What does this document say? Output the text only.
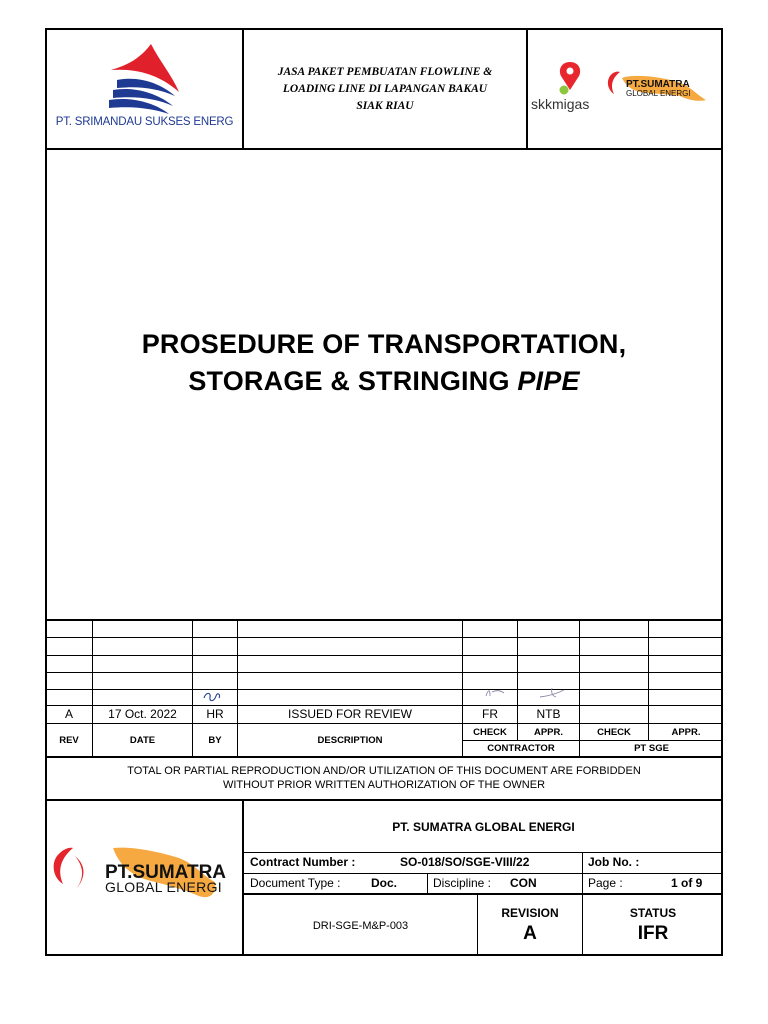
PT. SRIMANDAU SUKSES ENERG
JASA PAKET PEMBUATAN FLOWLINE &
LOADING LINE DI LAPANGAN BAKAU
SIAK RIAU	skkmigas
PT.SUMATRA
GLOBAL ENERGI
PROSEDURE OF TRANSPORTATION,
STORAGE & STRINGING PIPE
A	17 Oct. 2022	HR	ISSUED FOR REVIEW	FR	NTB
REV	DATE	BY	DESCRIPTION
CHECK	APPR.	CHECK	APPR.
CONTRACTOR	PT SGE
TOTAL OR PARTIAL REPRODUCTION AND/OR UTILIZATION OF THIS DOCUMENT ARE FORBIDDEN
WITHOUT PRIOR WRITTEN AUTHORIZATION OF THE OWNER
PT.SUMATRA
GLOBAL ENERGI
PT. SUMATRA GLOBAL ENERGI
Contract Number :	SO-018/SO/SGE-VIII/22	Job No. :
Document Type :	Doc.	Discipline : CON	Page :	1 of 9
DRI-SGE-M&P-003
REVISION
A
STATUS
IFR
